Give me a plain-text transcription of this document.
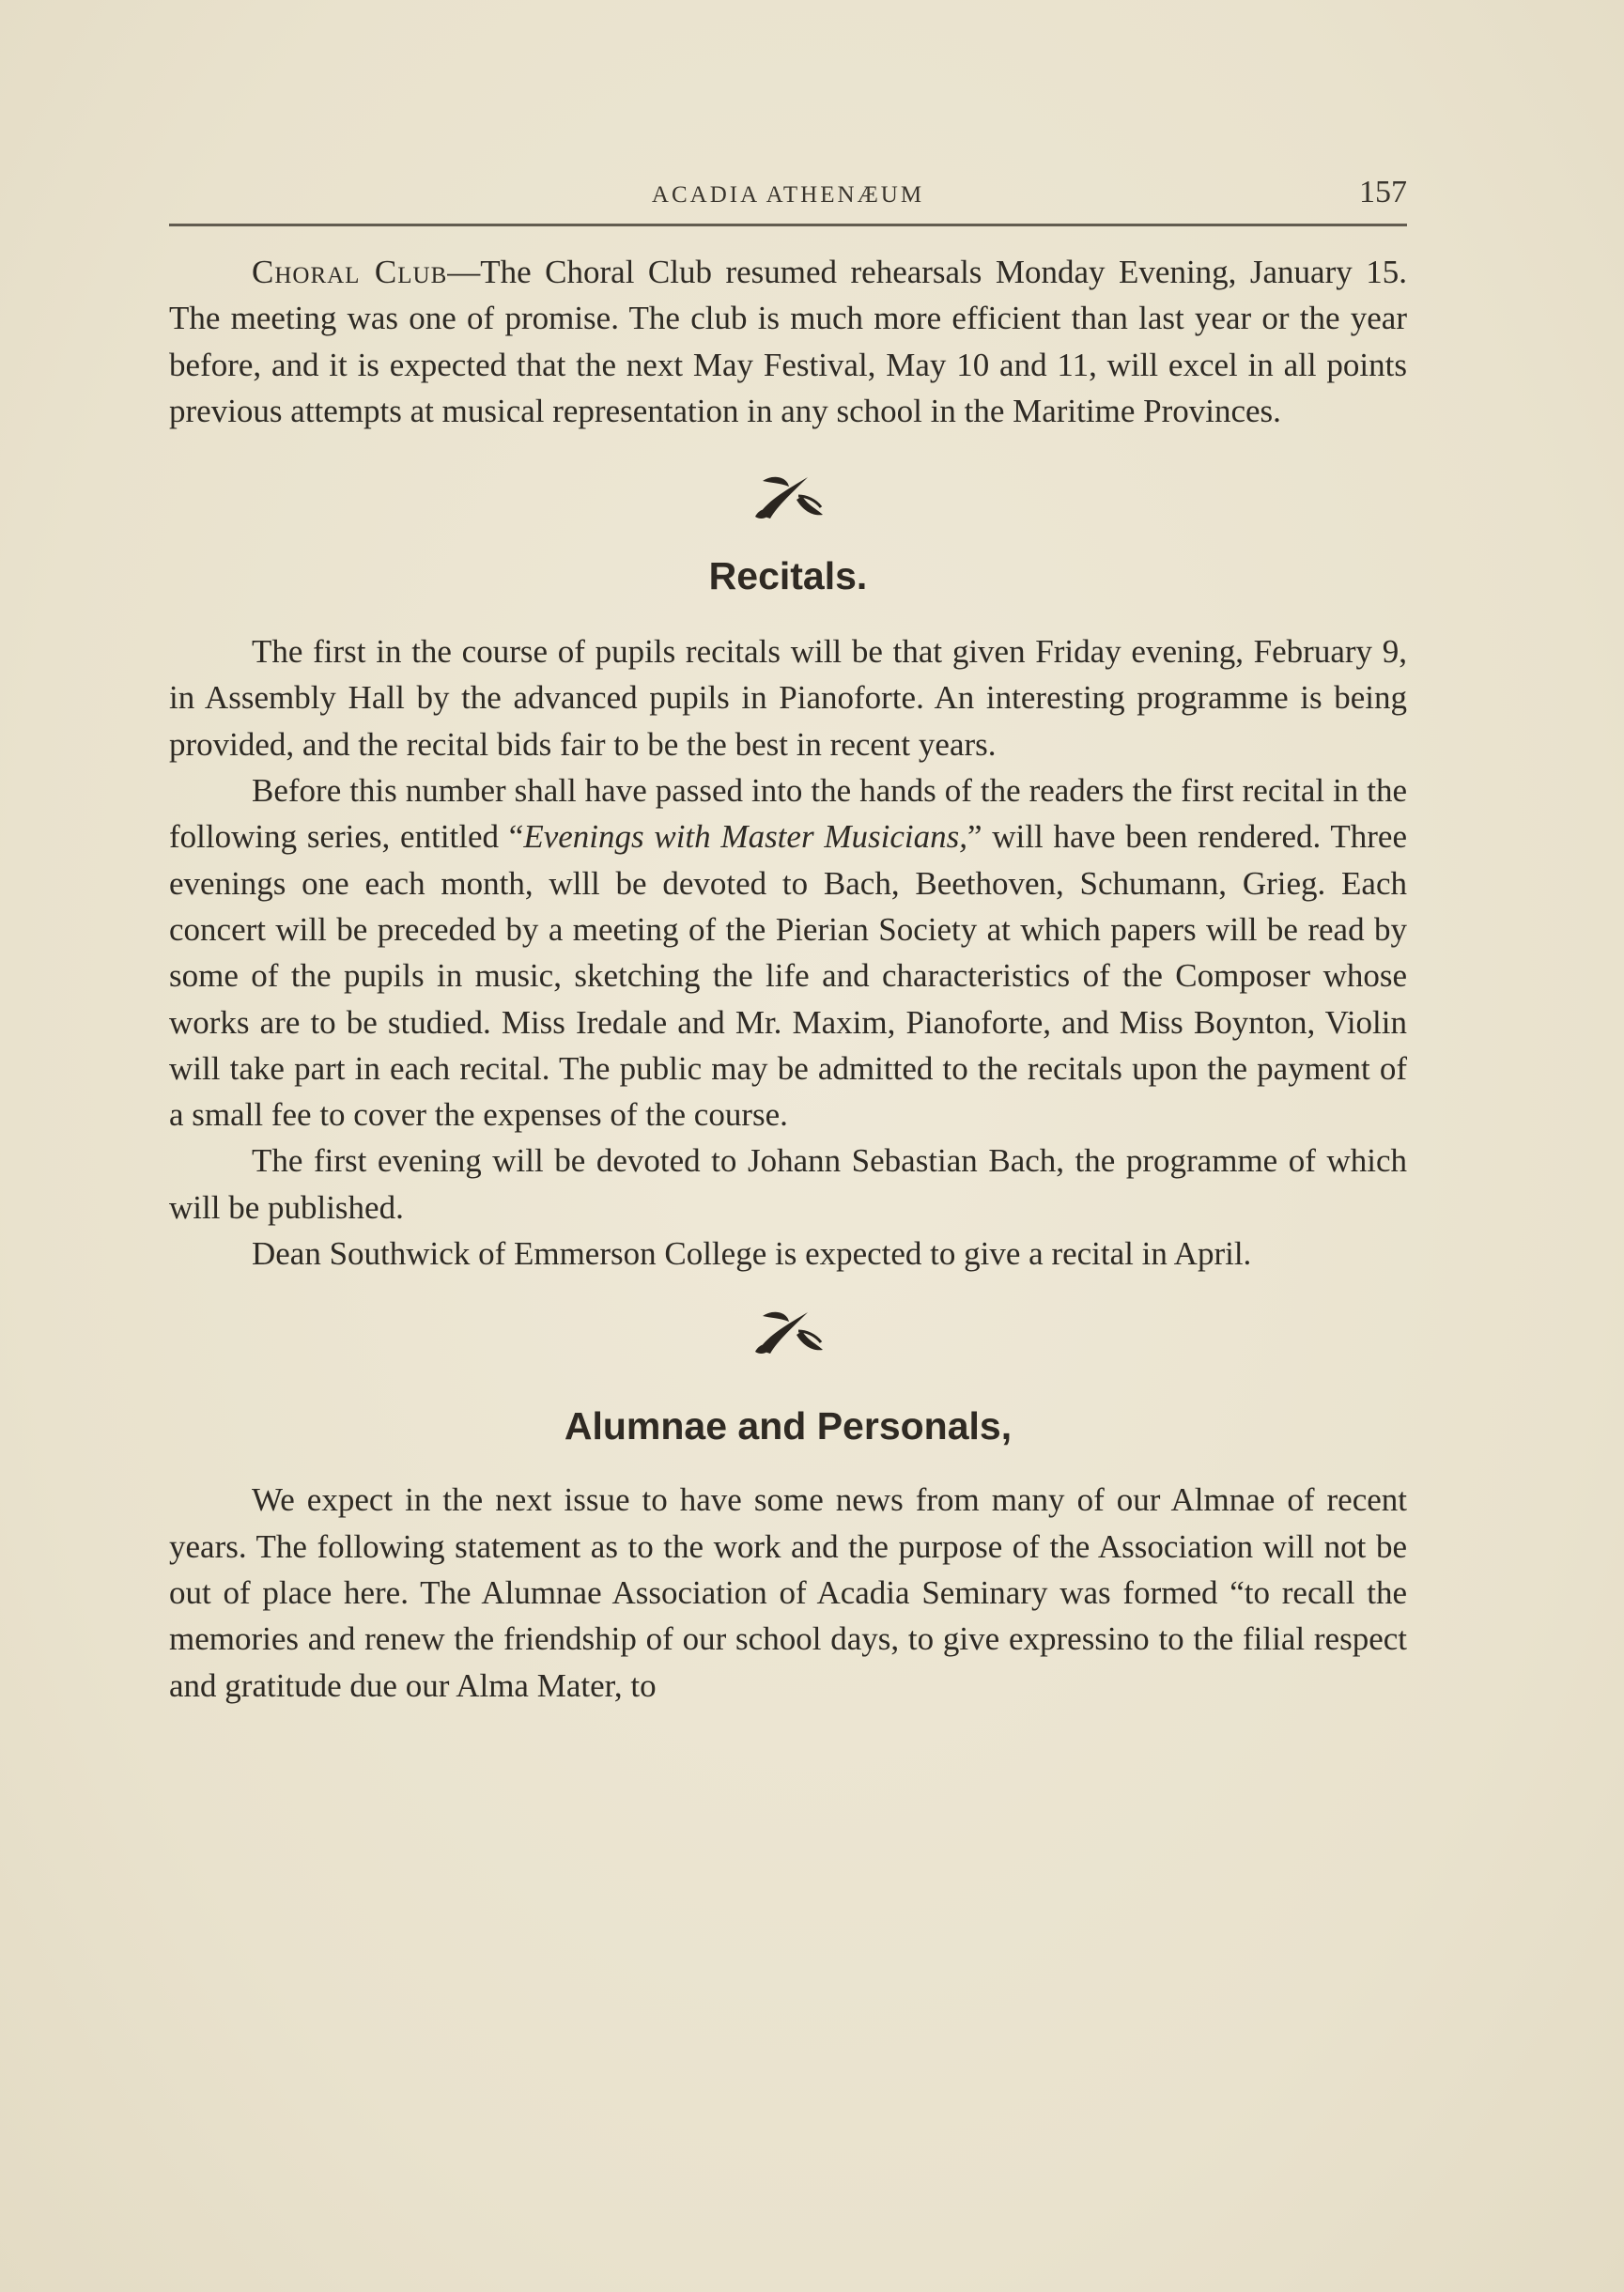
ACADIA ATHENÆUM	157

Choral Club—The Choral Club resumed rehearsals Monday Evening, January 15. The meeting was one of promise. The club is much more efficient than last year or the year before, and it is expected that the next May Festival, May 10 and 11, will excel in all points previous attempts at musical representation in any school in the Maritime Provinces.

Recitals.

The first in the course of pupils recitals will be that given Friday evening, February 9, in Assembly Hall by the advanced pupils in Pianoforte. An interesting programme is being provided, and the recital bids fair to be the best in recent years.

Before this number shall have passed into the hands of the readers the first recital in the following series, entitled “Evenings with Master Musicians,” will have been rendered. Three evenings one each month, wlll be devoted to Bach, Beethoven, Schumann, Grieg. Each concert will be preceded by a meeting of the Pierian Society at which papers will be read by some of the pupils in music, sketching the life and characteristics of the Composer whose works are to be studied. Miss Iredale and Mr. Maxim, Pianoforte, and Miss Boynton, Violin will take part in each recital. The public may be admitted to the recitals upon the payment of a small fee to cover the expenses of the course.

The first evening will be devoted to Johann Sebastian Bach, the programme of which will be published.

Dean Southwick of Emmerson College is expected to give a recital in April.

Alumnae and Personals,

We expect in the next issue to have some news from many of our Almnae of recent years. The following statement as to the work and the purpose of the Association will not be out of place here. The Alumnae Association of Acadia Seminary was formed “to recall the memories and renew the friendship of our school days, to give expressino to the filial respect and gratitude due our Alma Mater, to
